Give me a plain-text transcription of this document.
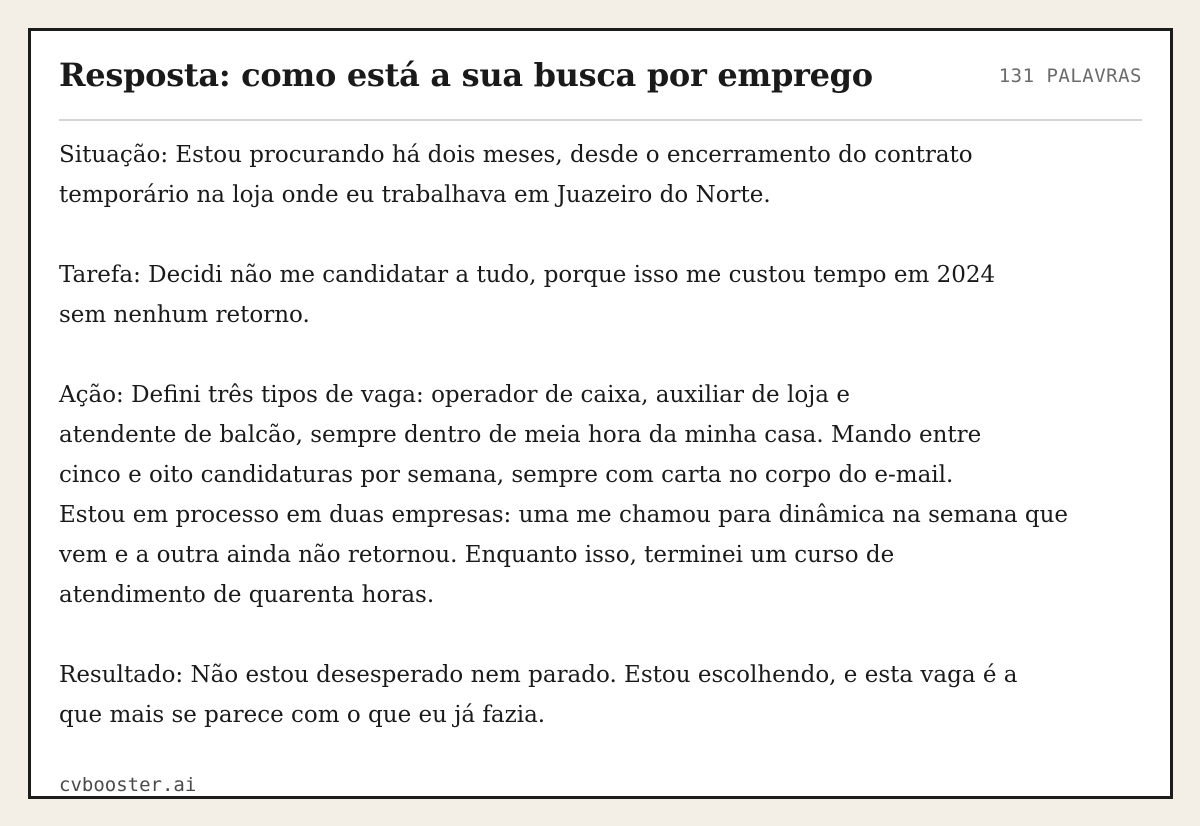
Resposta: como está a sua busca por emprego	131 PALAVRAS

Situação: Estou procurando há dois meses, desde o encerramento do contrato
temporário na loja onde eu trabalhava em Juazeiro do Norte.

Tarefa: Decidi não me candidatar a tudo, porque isso me custou tempo em 2024
sem nenhum retorno.

Ação: Defini três tipos de vaga: operador de caixa, auxiliar de loja e
atendente de balcão, sempre dentro de meia hora da minha casa. Mando entre
cinco e oito candidaturas por semana, sempre com carta no corpo do e-mail.
Estou em processo em duas empresas: uma me chamou para dinâmica na semana que
vem e a outra ainda não retornou. Enquanto isso, terminei um curso de
atendimento de quarenta horas.

Resultado: Não estou desesperado nem parado. Estou escolhendo, e esta vaga é a
que mais se parece com o que eu já fazia.

cvbooster.ai
